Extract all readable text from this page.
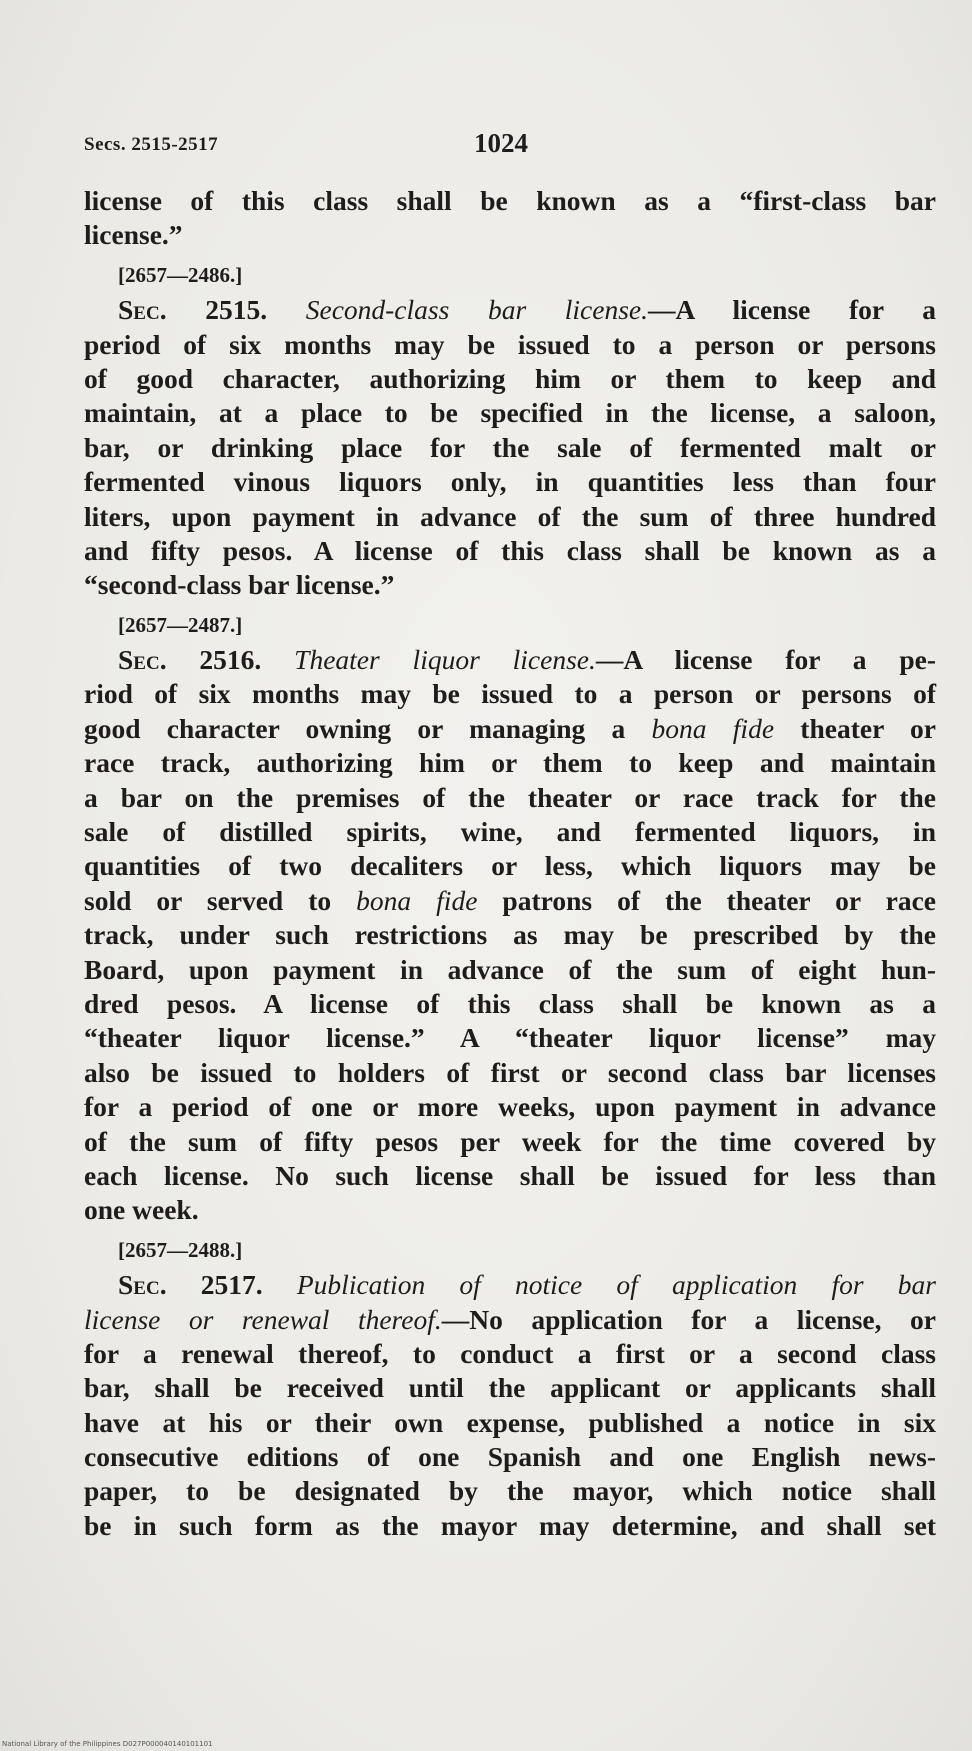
Secs. 2515-2517	1024
license of this class shall be known as a “first-class bar
license.”
[2657—2486.]
Sec. 2515. Second-class bar license.—A license for a
period of six months may be issued to a person or persons
of good character, authorizing him or them to keep and
maintain, at a place to be specified in the license, a saloon,
bar, or drinking place for the sale of fermented malt or
fermented vinous liquors only, in quantities less than four
liters, upon payment in advance of the sum of three hundred
and fifty pesos. A license of this class shall be known as a
“second-class bar license.”
[2657—2487.]
Sec. 2516. Theater liquor license.—A license for a pe-
riod of six months may be issued to a person or persons of
good character owning or managing a bona fide theater or
race track, authorizing him or them to keep and maintain
a bar on the premises of the theater or race track for the
sale of distilled spirits, wine, and fermented liquors, in
quantities of two decaliters or less, which liquors may be
sold or served to bona fide patrons of the theater or race
track, under such restrictions as may be prescribed by the
Board, upon payment in advance of the sum of eight hun-
dred pesos. A license of this class shall be known as a
“theater liquor license.” A “theater liquor license” may
also be issued to holders of first or second class bar licenses
for a period of one or more weeks, upon payment in advance
of the sum of fifty pesos per week for the time covered by
each license. No such license shall be issued for less than
one week.
[2657—2488.]
Sec. 2517. Publication of notice of application for bar
license or renewal thereof.—No application for a license, or
for a renewal thereof, to conduct a first or a second class
bar, shall be received until the applicant or applicants shall
have at his or their own expense, published a notice in six
consecutive editions of one Spanish and one English news-
paper, to be designated by the mayor, which notice shall
be in such form as the mayor may determine, and shall set
National Library of the Philippines D027P000040140101101
